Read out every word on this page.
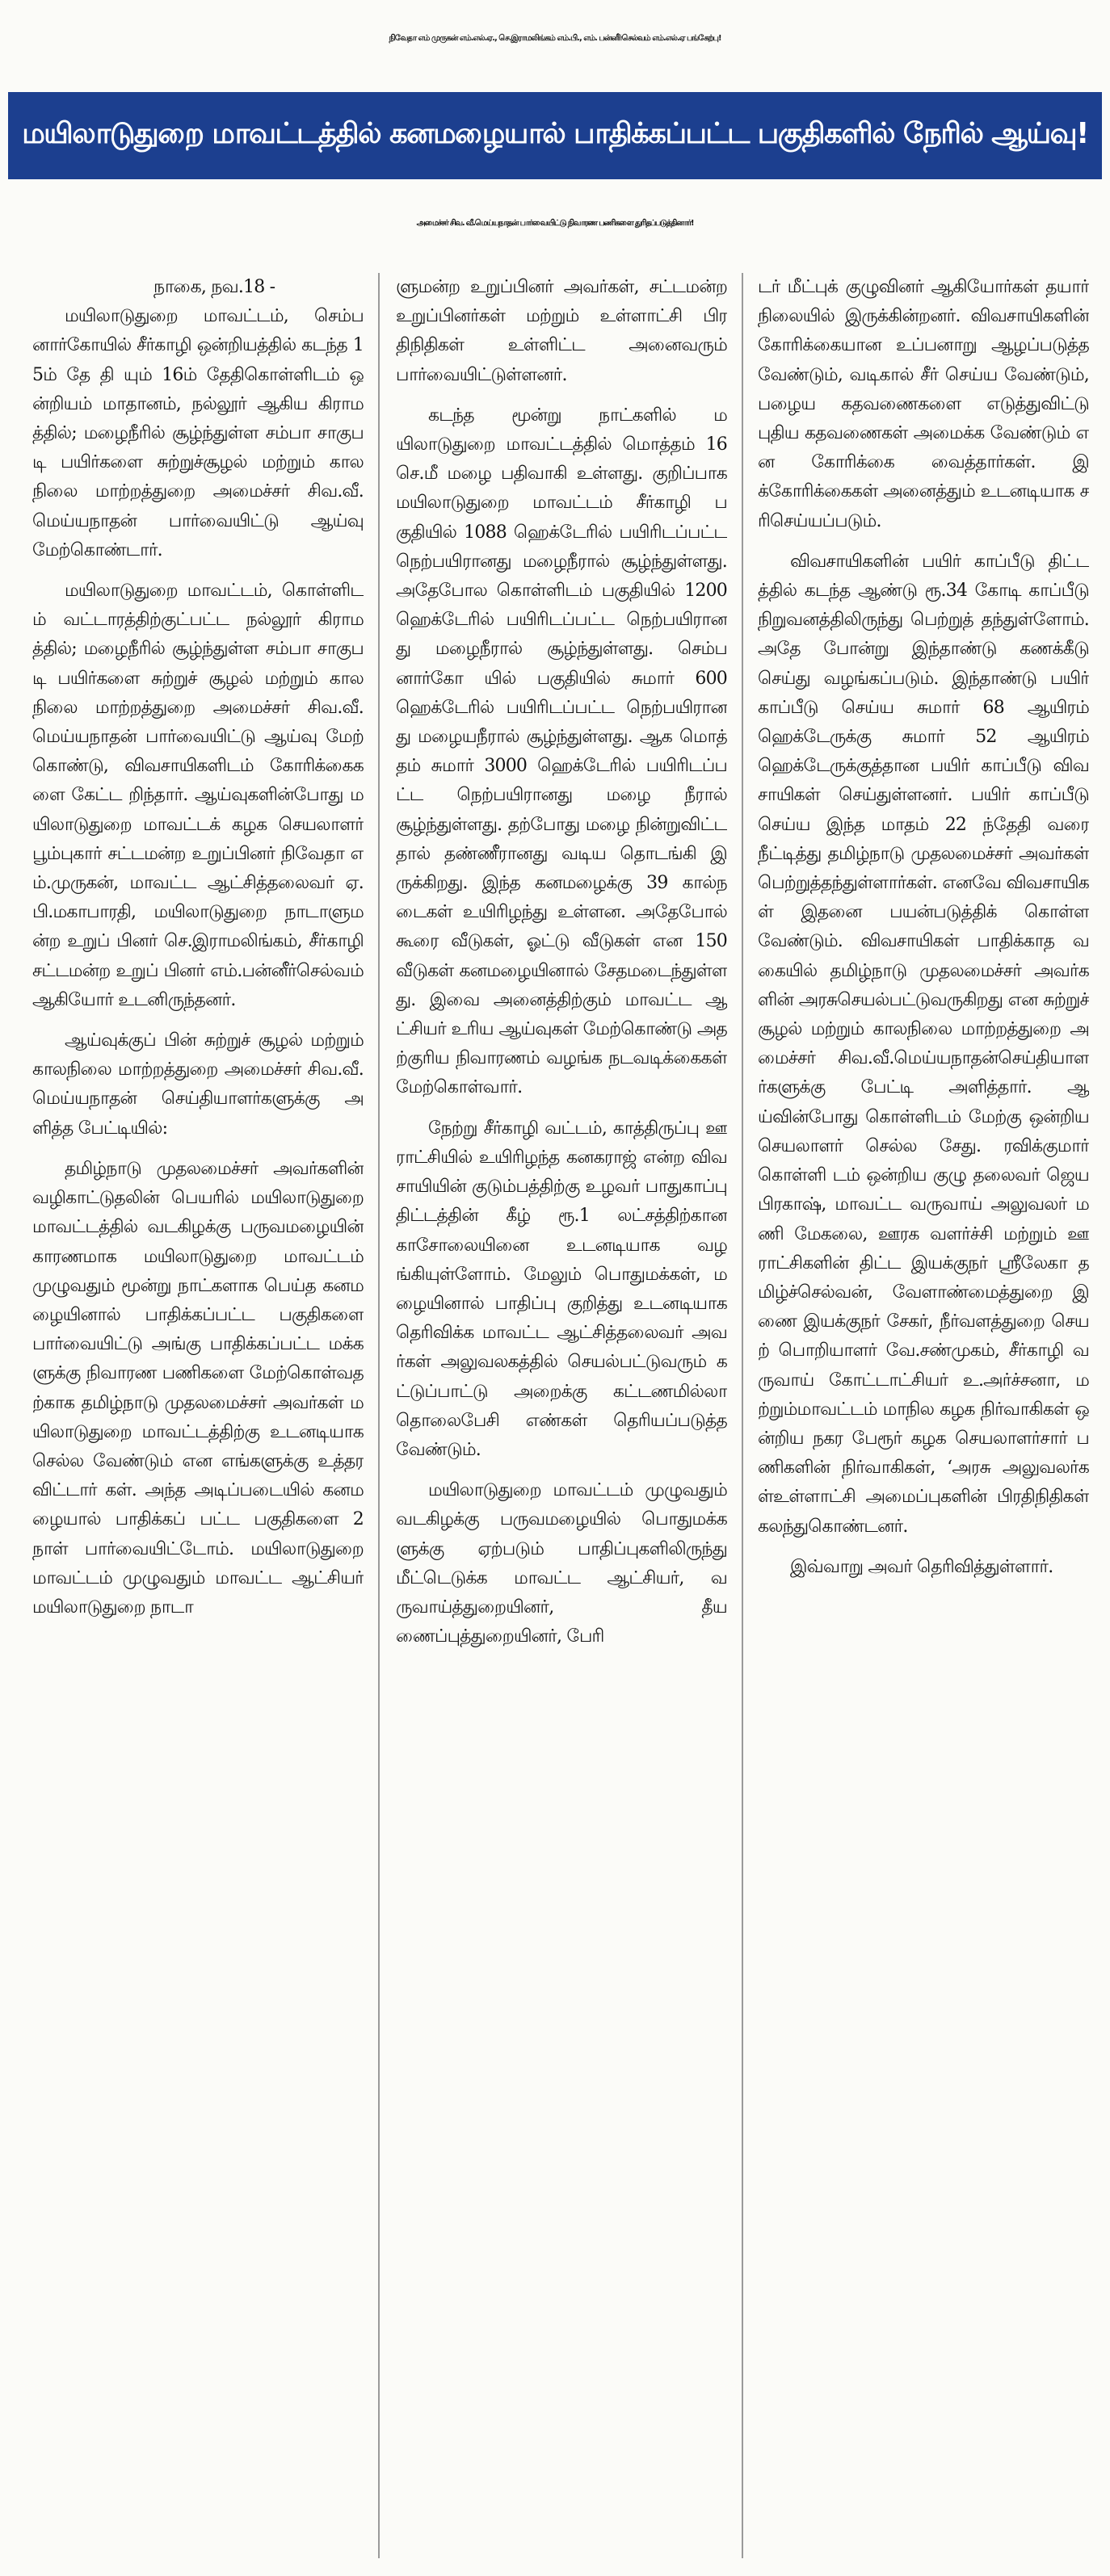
நிவேதா எம் முருகன் எம்.எல்.ஏ., செ.இராமலிங்கம் எம்.பி., எம். பன்னீர்செல்வம் எம்.எல்.ஏ பங்கேற்பு!
மயிலாடுதுறை மாவட்டத்தில் கனமழையால் பாதிக்கப்பட்ட பகுதிகளில் நேரில் ஆய்வு!
அமைச்சர் சிவ. வீ.மெய்யநாதன் பார்வையிட்டு நிவாரண பணிகளை துரிதப்படுத்தினார்!

நாகை, நவ.18 -

மயிலாடுதுறை மாவட்டம், செம்பனார்கோயில் சீர்காழி ஒன்றியத்தில் கடந்த 15ம் தே தி யும் 16ம் தேதிகொள்ளிடம் ஒன்றியம் மாதானம், நல்லூர் ஆகிய கிராமத்தில்; மழைநீரில் சூழ்ந்துள்ள சம்பா சாகுபடி பயிர்களை சுற்றுச்சூழல் மற்றும் காலநிலை மாற்றத்துறை அமைச்சர் சிவ.வீ.மெய்யநாதன் பார்வையிட்டு ஆய்வு மேற்கொண்டார்.

மயிலாடுதுறை மாவட்டம், கொள்ளிடம் வட்டாரத்திற்குட்பட்ட நல்லூர் கிராமத்தில்; மழைநீரில் சூழ்ந்துள்ள சம்பா சாகுபடி பயிர்களை சுற்றுச் சூழல் மற்றும் காலநிலை மாற்றத்துறை அமைச்சர் சிவ.வீ. மெய்யநாதன் பார்வையிட்டு ஆய்வு மேற் கொண்டு, விவசாயிகளிடம் கோரிக்கைகளை கேட்ட றிந்தார். ஆய்வுகளின்போது மயிலாடுதுறை மாவட்டக் கழக செயலாளர் பூம்புகார் சட்டமன்ற உறுப்பினர் நிவேதா எம்.முருகன், மாவட்ட ஆட்சித்தலைவர் ஏ.பி.மகாபாரதி, மயிலாடுதுறை நாடாளுமன்ற உறுப் பினர் செ.இராமலிங்கம், சீர்காழி சட்டமன்ற உறுப் பினர் எம்.பன்னீர்செல்வம் ஆகியோர் உடனிருந்தனர்.

ஆய்வுக்குப் பின் சுற்றுச் சூழல் மற்றும் காலநிலை மாற்றத்துறை அமைச்சர் சிவ.வீ.மெய்யநாதன் செய்தியாளர்களுக்கு அளித்த பேட்டியில்:

தமிழ்நாடு முதலமைச்சர் அவர்களின் வழிகாட்டுதலின் பெயரில் மயிலாடுதுறை மாவட்டத்தில் வடகிழக்கு பருவமழையின் காரணமாக மயிலாடுதுறை மாவட்டம் முழுவதும் மூன்று நாட்களாக பெய்த கனமழையினால் பாதிக்கப்பட்ட பகுதிகளை பார்வையிட்டு அங்கு பாதிக்கப்பட்ட மக்களுக்கு நிவாரண பணிகளை மேற்கொள்வதற்காக தமிழ்நாடு முதலமைச்சர் அவர்கள் மயிலாடுதுறை மாவட்டத்திற்கு உடனடியாக செல்ல வேண்டும் என எங்களுக்கு உத்தரவிட்டார் கள். அந்த அடிப்படையில் கனமழையால் பாதிக்கப் பட்ட பகுதிகளை 2 நாள் பார்வையிட்டோம். மயிலாடுதுறை மாவட்டம் முழுவதும் மாவட்ட ஆட்சியர் மயிலாடுதுறை நாடா

ளுமன்ற உறுப்பினர் அவர்கள், சட்டமன்ற உறுப்பினர்கள் மற்றும் உள்ளாட்சி பிரதிநிதிகள் உள்ளிட்ட அனைவரும் பார்வையிட்டுள்ளனர்.

கடந்த மூன்று நாட்களில் மயிலாடுதுறை மாவட்டத்தில் மொத்தம் 16 செ.மீ மழை பதிவாகி உள்ளது. குறிப்பாக மயிலாடுதுறை மாவட்டம் சீர்காழி பகுதியில் 1088 ஹெக்டேரில் பயிரிடப்பட்ட நெற்பயிரானது மழைநீரால் சூழ்ந்துள்ளது. அதேபோல கொள்ளிடம் பகுதியில் 1200 ஹெக்டேரில் பயிரிடப்பட்ட நெற்பயிரானது மழைநீரால் சூழ்ந்துள்ளது. செம்பனார்கோ யில் பகுதியில் சுமார் 600 ஹெக்டேரில் பயிரிடப்பட்ட நெற்பயிரானது மழையநீரால் சூழ்ந்துள்ளது. ஆக மொத் தம் சுமார் 3000 ஹெக்டேரில் பயிரிடப்பட்ட நெற்பயிரானது மழை நீரால் சூழ்ந்துள்ளது. தற்போது மழை நின்றுவிட்டதால் தண்ணீரானது வடிய தொடங்கி இருக்கிறது. இந்த கனமழைக்கு 39 கால்நடைகள் உயிரிழந்து உள்ளன. அதேபோல் கூரை வீடுகள், ஓட்டு வீடுகள் என 150 வீடுகள் கனமழையினால் சேதமடைந்துள்ளது. இவை அனைத்திற்கும் மாவட்ட ஆட்சியர் உரிய ஆய்வுகள் மேற்கொண்டு அதற்குரிய நிவாரணம் வழங்க நடவடிக்கைகள் மேற்கொள்வார்.

நேற்று சீர்காழி வட்டம், காத்திருப்பு ஊராட்சியில் உயிரிழந்த கனகராஜ் என்ற விவசாயியின் குடும்பத்திற்கு உழவர் பாதுகாப்பு திட்டத்தின் கீழ் ரூ.1 லட்சத்திற்கான காசோலையினை உடனடியாக வழங்கியுள்ளோம். மேலும் பொதுமக்கள், மழையினால் பாதிப்பு குறித்து உடனடியாக தெரிவிக்க மாவட்ட ஆட்சித்தலைவர் அவர்கள் அலுவலகத்தில் செயல்பட்டுவரும் கட்டுப்பாட்டு அறைக்கு கட்டணமில்லா தொலைபேசி எண்கள் தெரியப்படுத்தவேண்டும்.

மயிலாடுதுறை மாவட்டம் முழுவதும் வடகிழக்கு பருவமழையில் பொதுமக்களுக்கு ஏற்படும் பாதிப்புகளிலிருந்து மீட்டெடுக்க மாவட்ட ஆட்சியர், வருவாய்த்துறையினர், தீயணைப்புத்துறையினர், பேரி

டர் மீட்புக் குழுவினர் ஆகியோர்கள் தயார் நிலையில் இருக்கின்றனர். விவசாயிகளின் கோரிக்கையான உப்பனாறு ஆழப்படுத்த வேண்டும், வடிகால் சீர் செய்ய வேண்டும், பழைய கதவணைகளை எடுத்துவிட்டு புதிய கதவணைகள் அமைக்க வேண்டும் என கோரிக்கை வைத்தார்கள். இக்கோரிக்கைகள் அனைத்தும் உடனடியாக சரிசெய்யப்படும்.

விவசாயிகளின் பயிர் காப்பீடு திட்டத்தில் கடந்த ஆண்டு ரூ.34 கோடி காப்பீடு நிறுவனத்திலிருந்து பெற்றுத் தந்துள்ளோம். அதே போன்று இந்தாண்டு கணக்கீடு செய்து வழங்கப்படும். இந்தாண்டு பயிர் காப்பீடு செய்ய சுமார் 68 ஆயிரம் ஹெக்டேருக்கு சுமார் 52 ஆயிரம் ஹெக்டேருக்குத்தான பயிர் காப்பீடு விவசாயிகள் செய்துள்ளனர். பயிர் காப்பீடு செய்ய இந்த மாதம் 22 ந்தேதி வரை நீட்டித்து தமிழ்நாடு முதலமைச்சர் அவர்கள் பெற்றுத்தந்துள்ளார்கள். எனவே விவசாயிகள் இதனை பயன்படுத்திக் கொள்ள வேண்டும். விவசாயிகள் பாதிக்காத வகையில் தமிழ்நாடு முதலமைச்சர் அவர்களின் அரசுசெயல்பட்டுவருகிறது என சுற்றுச் சூழல் மற்றும் காலநிலை மாற்றத்துறை அமைச்சர் சிவ.வீ.மெய்யநாதன்செய்தியாளர்களுக்கு பேட்டி அளித்தார். ஆய்வின்போது கொள்ளிடம் மேற்கு ஒன்றிய செயலாளர் செல்ல சேது. ரவிக்குமார் கொள்ளி டம் ஒன்றிய குழு தலைவர் ஜெயபிரகாஷ், மாவட்ட வருவாய் அலுவலர் மணி மேகலை, ஊரக வளர்ச்சி மற்றும் ஊராட்சிகளின் திட்ட இயக்குநர் ஸ்ரீலேகா தமிழ்ச்செல்வன், வேளாண்மைத்துறை இணை இயக்குநர் சேகர், நீர்வளத்துறை செயற் பொறியாளர் வே.சண்முகம், சீர்காழி வருவாய் கோட்டாட்சியர் உ.அர்ச்சனா, மற்றும்மாவட்டம் மாநில கழக நிர்வாகிகள் ஒன்றிய நகர பேரூர் கழக செயலாளர்சார் பணிகளின் நிர்வாகிகள், ‘அரசு அலுவலர்கள்உள்ளாட்சி அமைப்புகளின் பிரதிநிதிகள் கலந்துகொண்டனர்.

இவ்வாறு அவர் தெரிவித்துள்ளார்.
